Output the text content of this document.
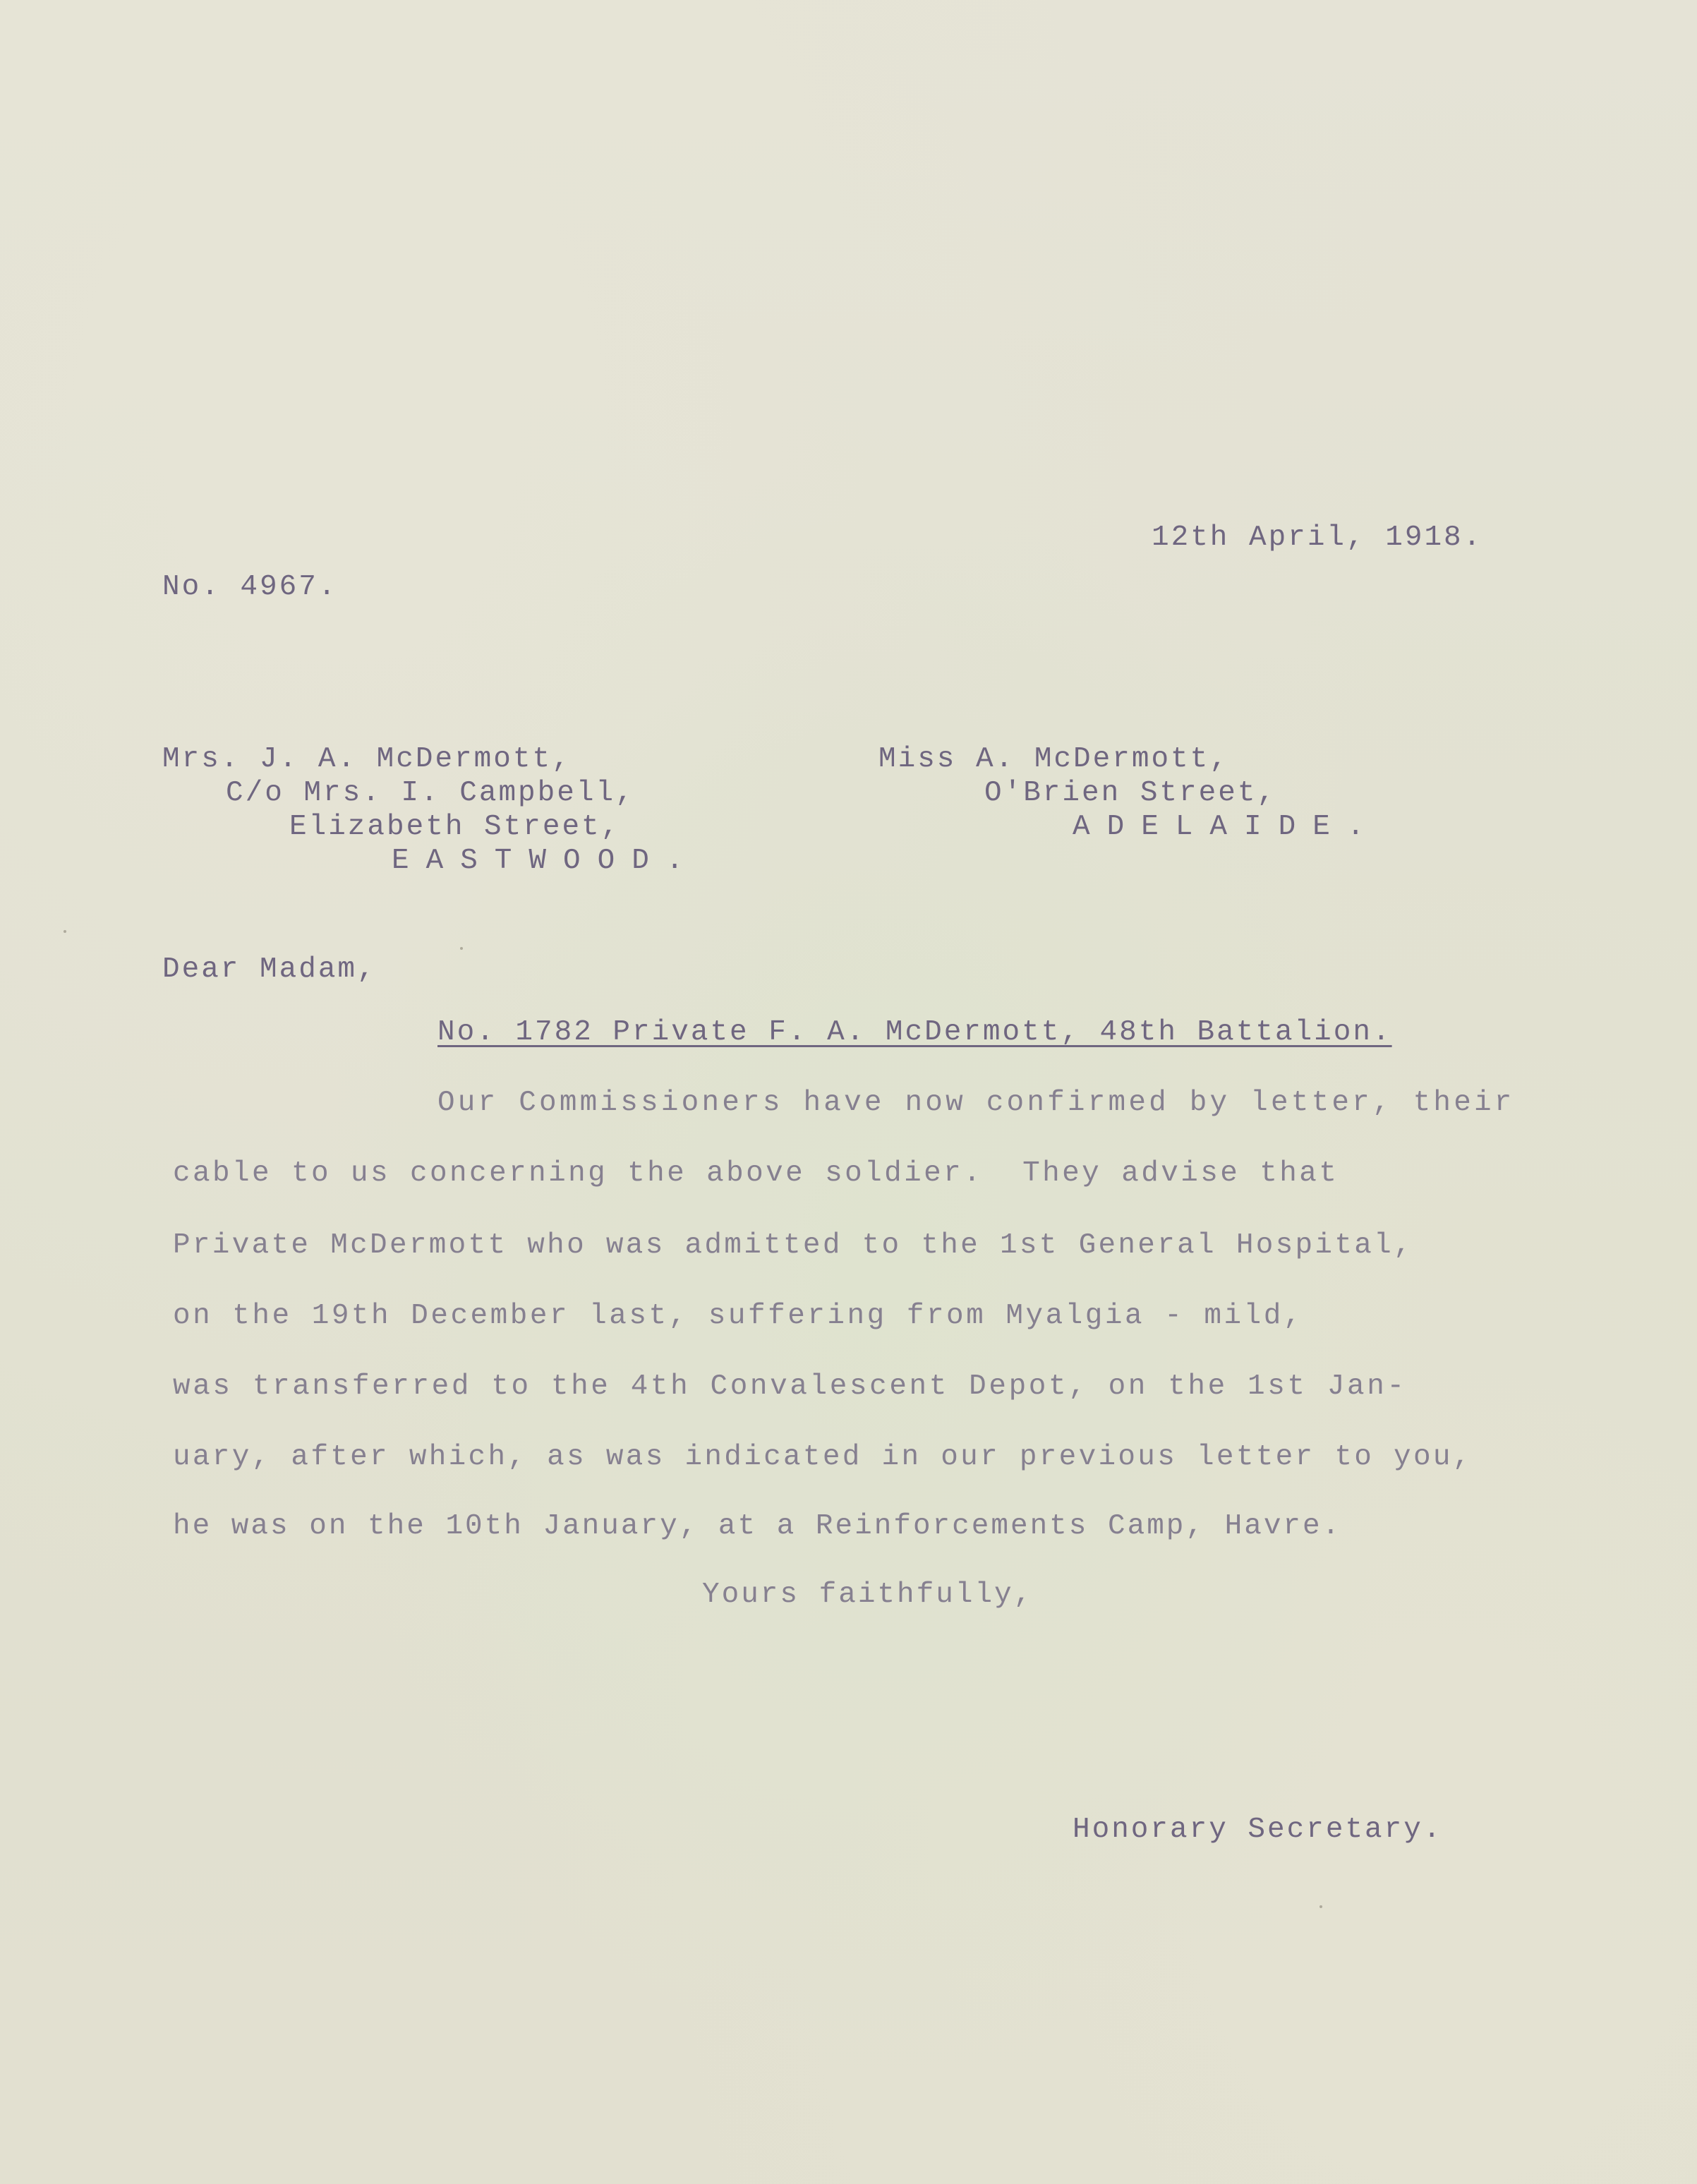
12th April, 1918.
No. 4967.
Mrs. J. A. McDermott,
C/o Mrs. I. Campbell,
Elizabeth Street,
EASTWOOD.
Miss A. McDermott,
O'Brien Street,
ADELAIDE.
Dear Madam,
No. 1782 Private F. A. McDermott, 48th Battalion.
Our Commissioners have now confirmed by letter, their
cable to us concerning the above soldier.  They advise that
Private McDermott who was admitted to the 1st General Hospital,
on the 19th December last, suffering from Myalgia - mild,
was transferred to the 4th Convalescent Depot, on the 1st Jan-
uary, after which, as was indicated in our previous letter to you,
he was on the 10th January, at a Reinforcements Camp, Havre.
Yours faithfully,
Honorary Secretary.
